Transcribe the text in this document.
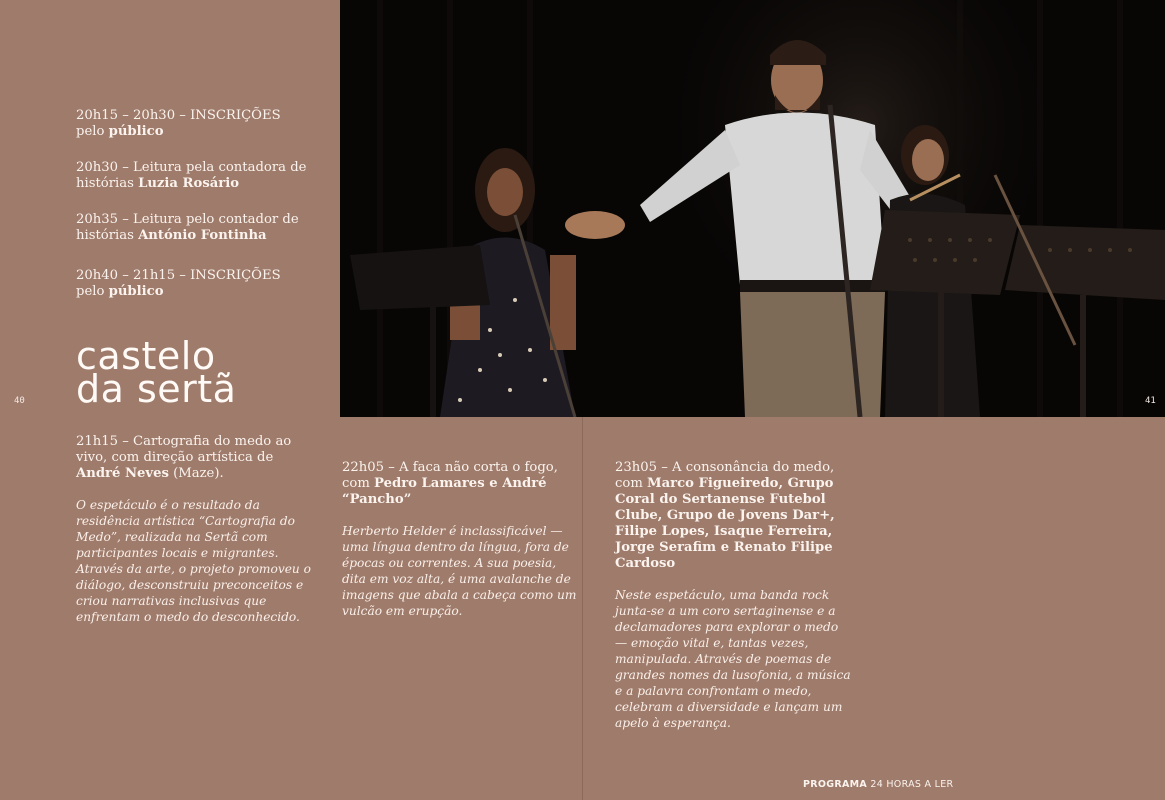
40	41
20h15 – 20h30 – INSCRIÇÕES
pelo público
20h30 – Leitura pela contadora de
histórias Luzia Rosário
20h35 – Leitura pelo contador de
histórias António Fontinha
20h40 – 21h15 – INSCRIÇÕES
pelo público
castelo
da sertã
21h15 – Cartografia do medo ao
vivo, com direção artística de
André Neves (Maze).
O espetáculo é o resultado da
residência artística “Cartografia do
Medo”, realizada na Sertã com
participantes locais e migrantes.
Através da arte, o projeto promoveu o
diálogo, desconstruiu preconceitos e
criou narrativas inclusivas que
enfrentam o medo do desconhecido.
22h05 – A faca não corta o fogo,
com Pedro Lamares e André
“Pancho”
Herberto Helder é inclassificável —
uma língua dentro da língua, fora de
épocas ou correntes. A sua poesia,
dita em voz alta, é uma avalanche de
imagens que abala a cabeça como um
vulcão em erupção.
23h05 – A consonância do medo,
com Marco Figueiredo, Grupo
Coral do Sertanense Futebol
Clube, Grupo de Jovens Dar+,
Filipe Lopes, Isaque Ferreira,
Jorge Serafim e Renato Filipe
Cardoso
Neste espetáculo, uma banda rock
junta-se a um coro sertaginense e a
declamadores para explorar o medo
— emoção vital e, tantas vezes,
manipulada. Através de poemas de
grandes nomes da lusofonia, a música
e a palavra confrontam o medo,
celebram a diversidade e lançam um
apelo à esperança.
PROGRAMA 24 HORAS A LER
